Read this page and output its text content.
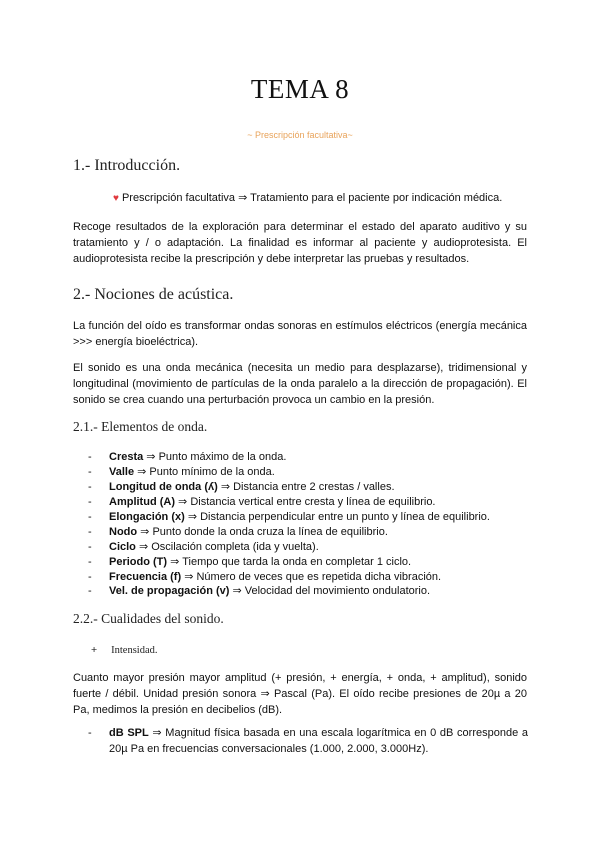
TEMA 8
~ Prescripción facultativa~
1.- Introducción.
♥ Prescripción facultativa ⇒ Tratamiento para el paciente por indicación médica.
Recoge resultados de la exploración para determinar el estado del aparato auditivo y su tratamiento y / o adaptación. La finalidad es informar al paciente y audioprotesista. El audioprotesista recibe la prescripción y debe interpretar las pruebas y resultados.
2.- Nociones de acústica.
La función del oído es transformar ondas sonoras en estímulos eléctricos (energía mecánica >>> energía bioeléctrica).
El sonido es una onda mecánica (necesita un medio para desplazarse), tridimensional y longitudinal (movimiento de partículas de la onda paralelo a la dirección de propagación). El sonido se crea cuando una perturbación provoca un cambio en la presión.
2.1.- Elementos de onda.
- Cresta ⇒ Punto máximo de la onda.
- Valle ⇒ Punto mínimo de la onda.
- Longitud de onda (ʎ) ⇒ Distancia entre 2 crestas / valles.
- Amplitud (A) ⇒ Distancia vertical entre cresta y línea de equilibrio.
- Elongación (x) ⇒ Distancia perpendicular entre un punto y línea de equilibrio.
- Nodo ⇒ Punto donde la onda cruza la línea de equilibrio.
- Ciclo ⇒ Oscilación completa (ida y vuelta).
- Periodo (T) ⇒ Tiempo que tarda la onda en completar 1 ciclo.
- Frecuencia (f) ⇒ Número de veces que es repetida dicha vibración.
- Vel. de propagación (v) ⇒ Velocidad del movimiento ondulatorio.
2.2.- Cualidades del sonido.
+ Intensidad.
Cuanto mayor presión mayor amplitud (+ presión, + energía, + onda, + amplitud), sonido fuerte / débil. Unidad presión sonora ⇒ Pascal (Pa). El oído recibe presiones de 20µ a 20 Pa, medimos la presión en decibelios (dB).
- dB SPL ⇒ Magnitud física basada en una escala logarítmica en 0 dB corresponde a 20µ Pa en frecuencias conversacionales (1.000, 2.000, 3.000Hz).
